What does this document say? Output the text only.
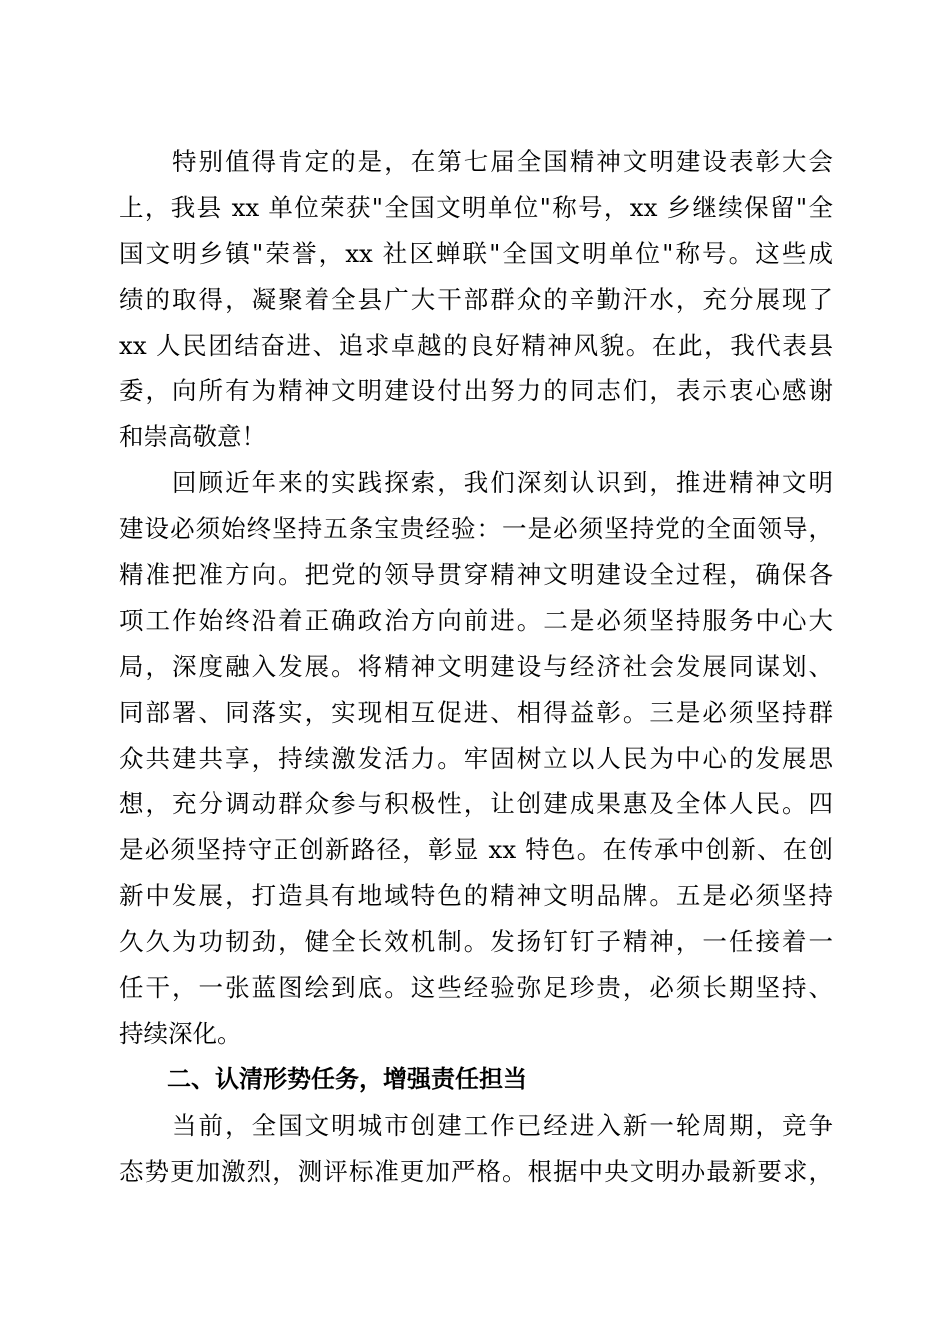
　　特别值得肯定的是，在第七届全国精神文明建设表彰大会
上，我县 xx 单位荣获"全国文明单位"称号，xx 乡继续保留"全
国文明乡镇"荣誉，xx 社区蝉联"全国文明单位"称号。这些成
绩的取得，凝聚着全县广大干部群众的辛勤汗水，充分展现了
xx 人民团结奋进、追求卓越的良好精神风貌。在此，我代表县
委，向所有为精神文明建设付出努力的同志们，表示衷心感谢
和崇高敬意！
　　回顾近年来的实践探索，我们深刻认识到，推进精神文明
建设必须始终坚持五条宝贵经验：一是必须坚持党的全面领导，
精准把准方向。把党的领导贯穿精神文明建设全过程，确保各
项工作始终沿着正确政治方向前进。二是必须坚持服务中心大
局，深度融入发展。将精神文明建设与经济社会发展同谋划、
同部署、同落实，实现相互促进、相得益彰。三是必须坚持群
众共建共享，持续激发活力。牢固树立以人民为中心的发展思
想，充分调动群众参与积极性，让创建成果惠及全体人民。四
是必须坚持守正创新路径，彰显 xx 特色。在传承中创新、在创
新中发展，打造具有地域特色的精神文明品牌。五是必须坚持
久久为功韧劲，健全长效机制。发扬钉钉子精神，一任接着一
任干，一张蓝图绘到底。这些经验弥足珍贵，必须长期坚持、
持续深化。
　　二、认清形势任务，增强责任担当
　　当前，全国文明城市创建工作已经进入新一轮周期，竞争
态势更加激烈，测评标准更加严格。根据中央文明办最新要求，
